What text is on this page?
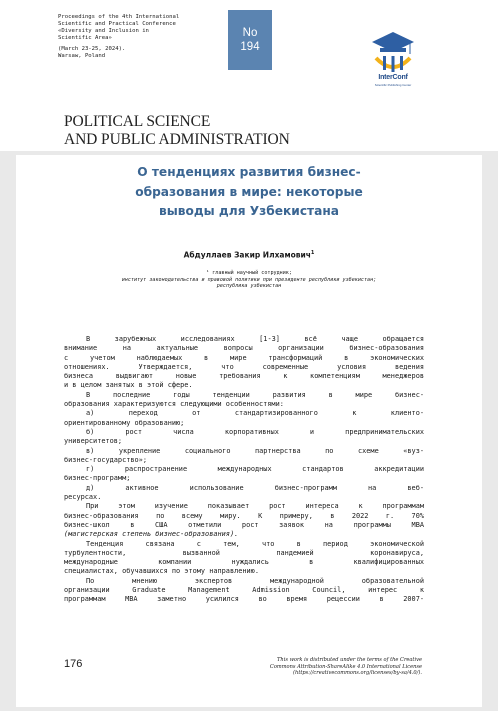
Proceedings of the 4th International
Scientific and Practical Conference
«Diversity and Inclusion in
Scientific Area»
(March 23-25, 2024).
Warsaw, Poland
No
194
InterConf
Scientific Publishing Center
POLITICAL SCIENCE
AND PUBLIC ADMINISTRATION
О тенденциях развития бизнес-
образования в мире: некоторые
выводы для Узбекистана
Абдуллаев Закир Илхамович$^1$
¹ главный научный сотрудник;
институт законодательства и правовой политики при президенте республики узбекистан;
республика узбекистан
В зарубежных исследованиях [1-3] всё чаще обращается
внимание на актуальные вопросы организации бизнес-образования
с учетом наблюдаемых в мире трансформаций в экономических
отношениях. Утверждается, что современные условия ведения
бизнеса выдвигают новые требования к компетенциям менеджеров
и в целом занятых в этой сфере.
В последние годы тенденции развития в мире бизнес-
образования характеризуются следующими особенностями:
а) переход от стандартизированного к клиенто-
ориентированному образованию;
б) рост числа корпоративных и предпринимательских
университетов;
в) укрепление социального партнерства по схеме «вуз-
бизнес-государство»;
г) распространение международных стандартов аккредитации
бизнес-программ;
д) активное использование бизнес-программ на веб-
ресурсах.
При этом изучение показывает рост интереса к программам
бизнес-образования по всему миру. К примеру, в 2022 г. 70%
бизнес-школ в США отметили рост заявок на программы MBA
(магистерская степень бизнес-образования).
Тенденция связана с тем, что в период экономической
турбулентности, вызванной пандемией коронавируса,
международные компании нуждались в квалифицированных
специалистах, обучавшихся по этому направлению.
По мнению экспертов международной образовательной
организации Graduate Management Admission Council, интерес к
программам MBA заметно усилился во время рецессии в 2007-
176	This work is distributed under the terms of the Creative
Commons Attribution-ShareAlike 4.0 International License
(https://creativecommons.org/licenses/by-sa/4.0/).
